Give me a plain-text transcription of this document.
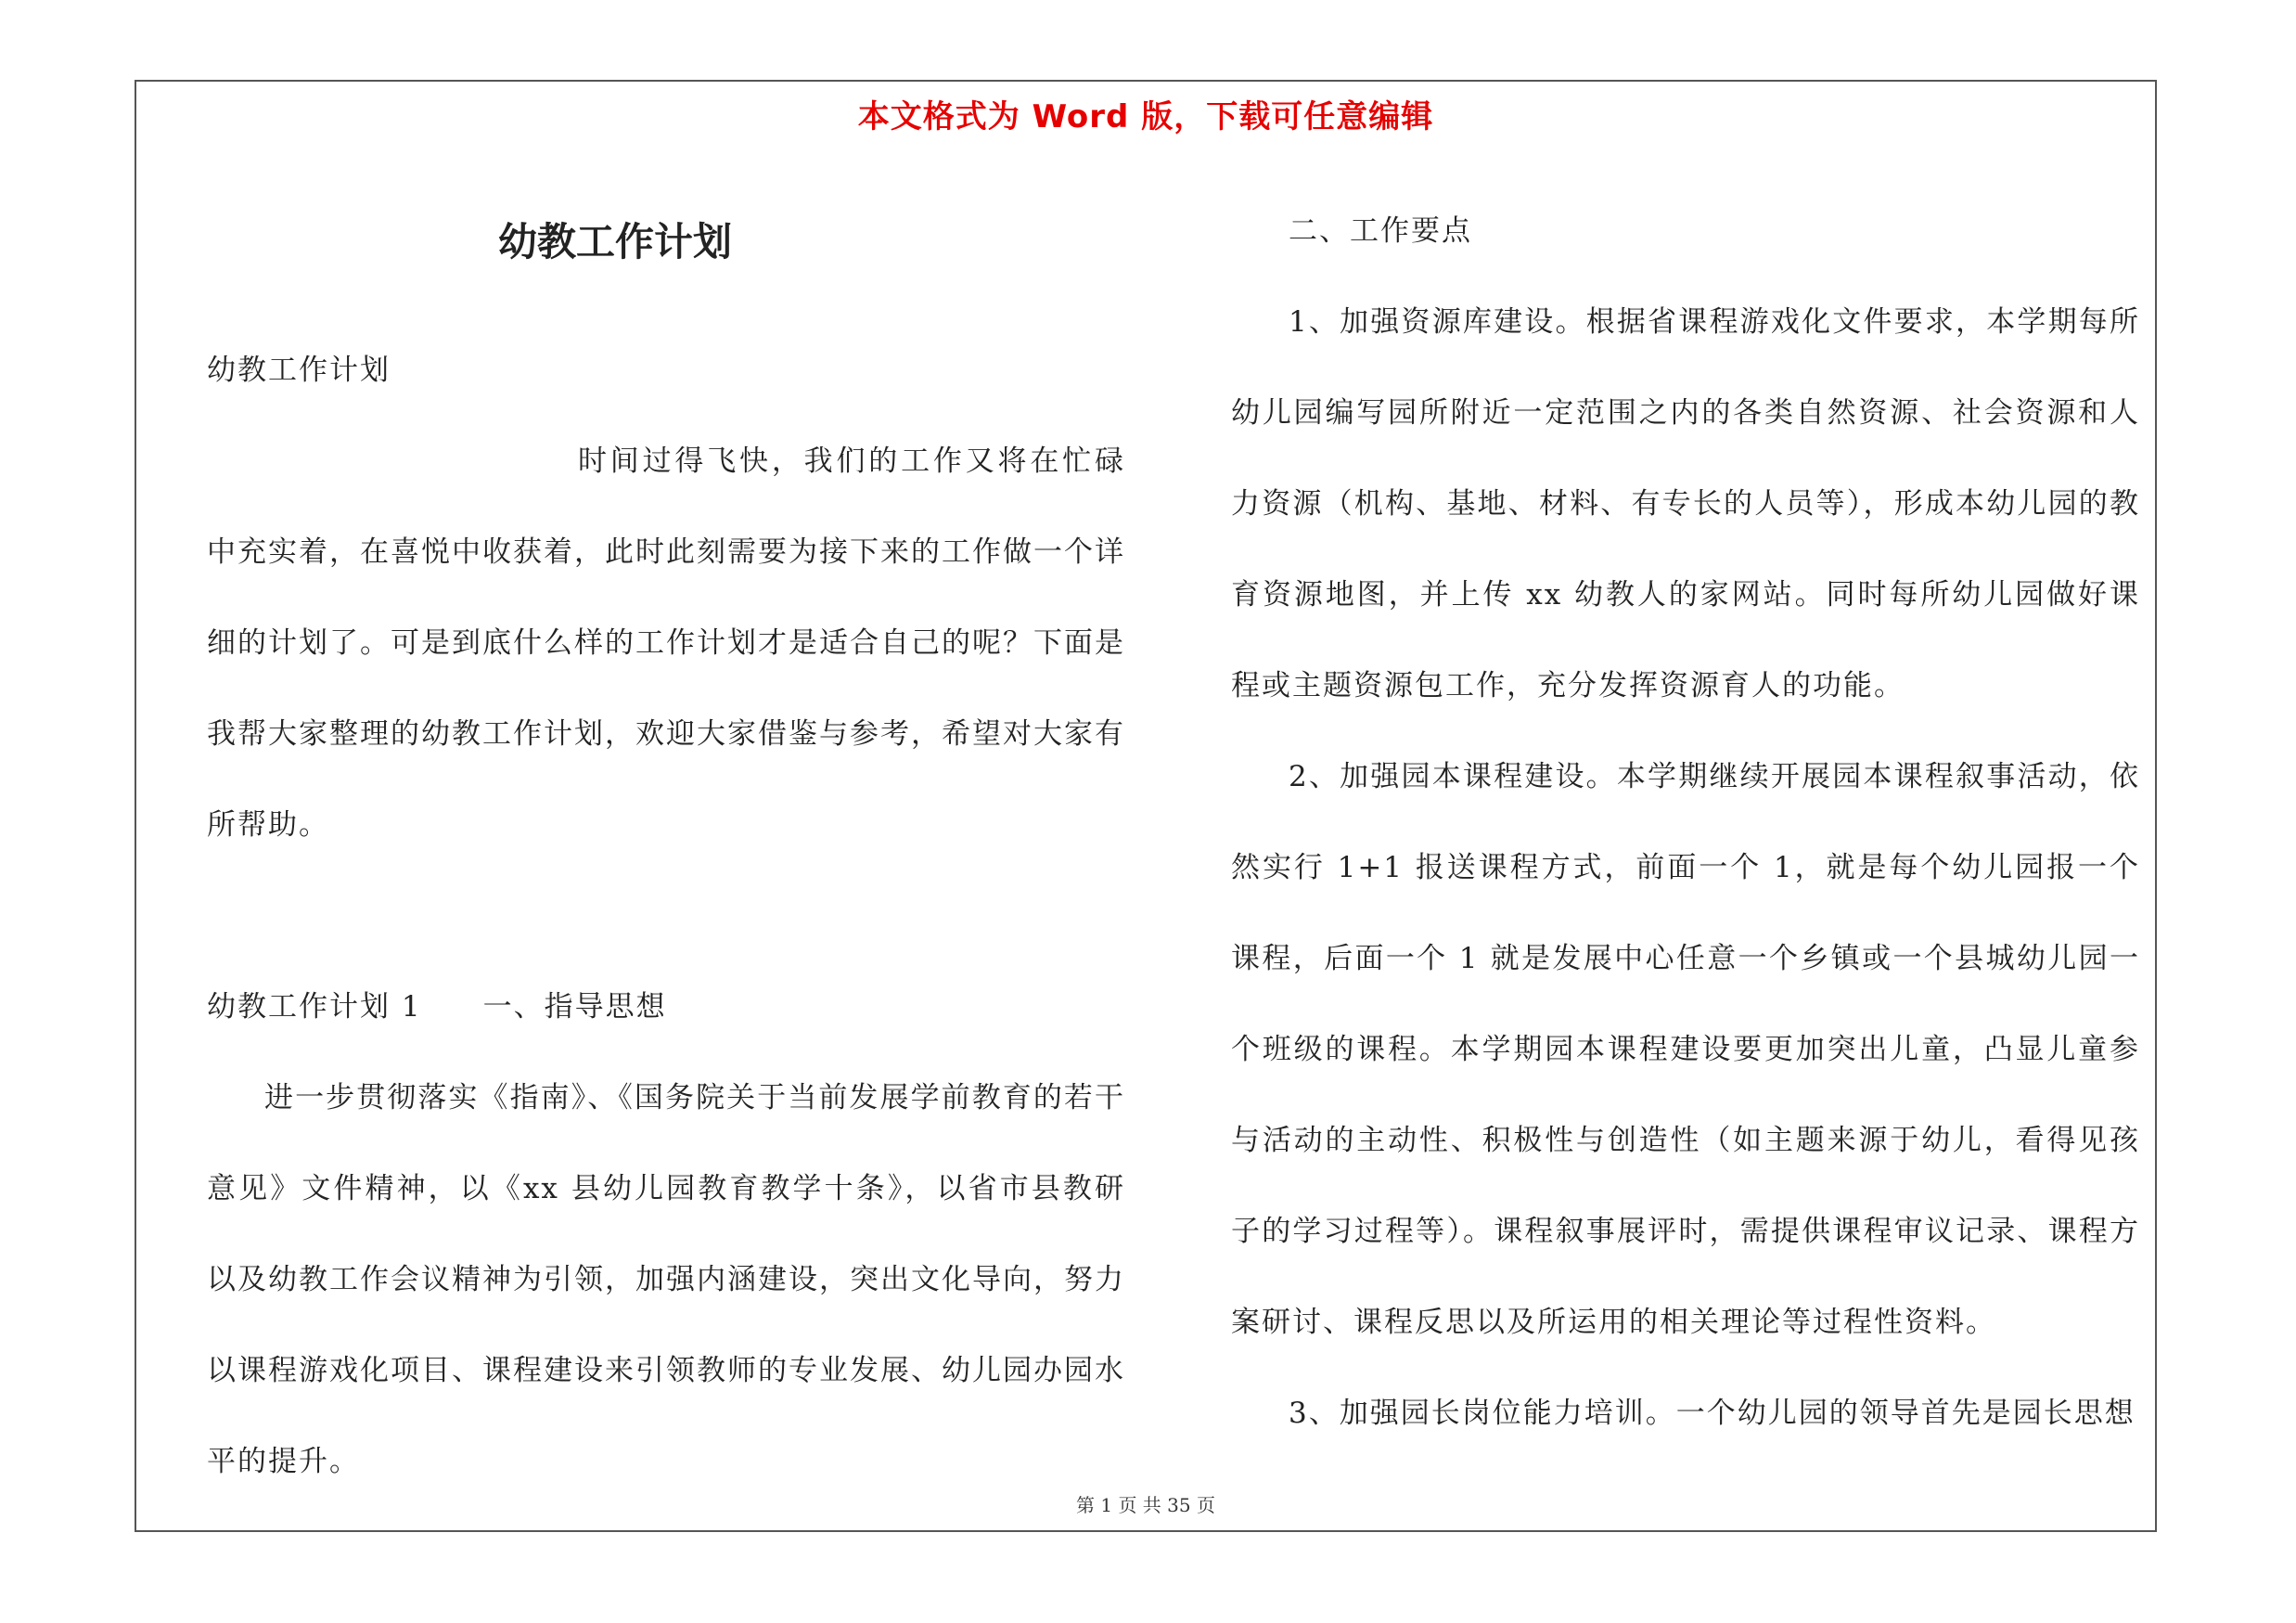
本文格式为 Word 版，下载可任意编辑
幼教工作计划

幼教工作计划

时间过得飞快，我们的工作又将在忙碌中充实着，在喜悦中收获着，此时此刻需要为接下来的工作做一个详细的计划了。可是到底什么样的工作计划才是适合自己的呢？下面是我帮大家整理的幼教工作计划，欢迎大家借鉴与参考，希望对大家有所帮助。

幼教工作计划 1　　一、指导思想

进一步贯彻落实《指南》、《国务院关于当前发展学前教育的若干意见》文件精神，以《xx 县幼儿园教育教学十条》，以省市县教研以及幼教工作会议精神为引领，加强内涵建设，突出文化导向，努力以课程游戏化项目、课程建设来引领教师的专业发展、幼儿园办园水平的提升。

二、工作要点

1、加强资源库建设。根据省课程游戏化文件要求，本学期每所幼儿园编写园所附近一定范围之内的各类自然资源、社会资源和人力资源（机构、基地、材料、有专长的人员等），形成本幼儿园的教育资源地图，并上传 xx 幼教人的家网站。同时每所幼儿园做好课程或主题资源包工作，充分发挥资源育人的功能。

2、加强园本课程建设。本学期继续开展园本课程叙事活动，依然实行 1+1 报送课程方式，前面一个 1，就是每个幼儿园报一个课程，后面一个 1 就是发展中心任意一个乡镇或一个县城幼儿园一个班级的课程。本学期园本课程建设要更加突出儿童，凸显儿童参与活动的主动性、积极性与创造性（如主题来源于幼儿，看得见孩子的学习过程等）。课程叙事展评时，需提供课程审议记录、课程方案研讨、课程反思以及所运用的相关理论等过程性资料。

3、加强园长岗位能力培训。一个幼儿园的领导首先是园长思想

第 1 页 共 35 页
